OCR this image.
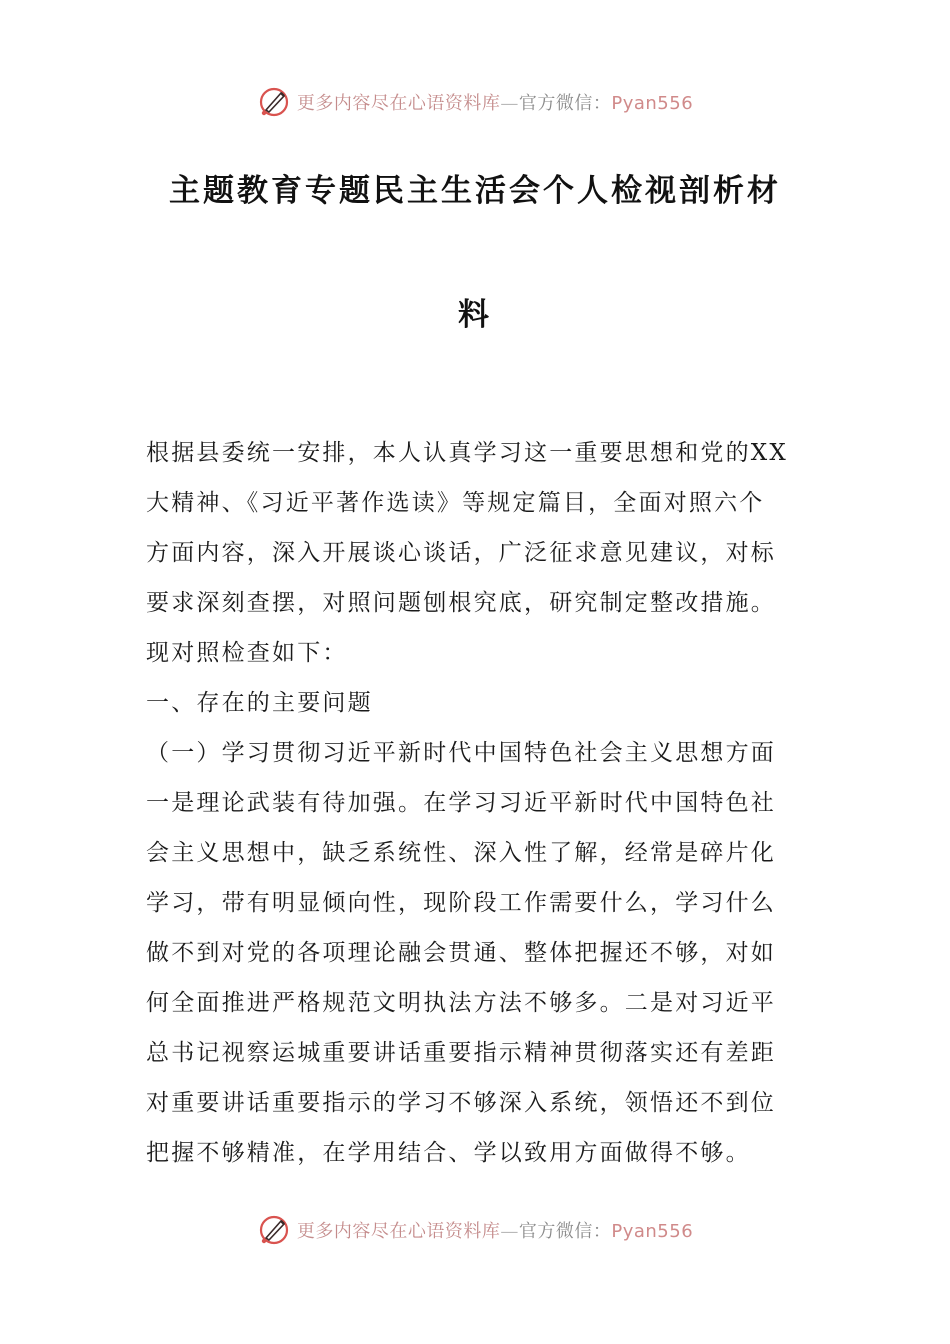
更多内容尽在心语资料库—官方微信：Pyan556
主题教育专题民主生活会个人检视剖析材
料

根据县委统一安排，本人认真学习这一重要思想和党的XX

大精神、《习近平著作选读》等规定篇目，全面对照六个

方面内容，深入开展谈心谈话，广泛征求意见建议，对标

要求深刻查摆，对照问题刨根究底，研究制定整改措施。

现对照检查如下：

一、存在的主要问题

（一）学习贯彻习近平新时代中国特色社会主义思想方面

一是理论武装有待加强。在学习习近平新时代中国特色社

会主义思想中，缺乏系统性、深入性了解，经常是碎片化

学习，带有明显倾向性，现阶段工作需要什么，学习什么

做不到对党的各项理论融会贯通、整体把握还不够，对如

何全面推进严格规范文明执法方法不够多。二是对习近平

总书记视察运城重要讲话重要指示精神贯彻落实还有差距

对重要讲话重要指示的学习不够深入系统，领悟还不到位

把握不够精准，在学用结合、学以致用方面做得不够。

更多内容尽在心语资料库—官方微信：Pyan556
